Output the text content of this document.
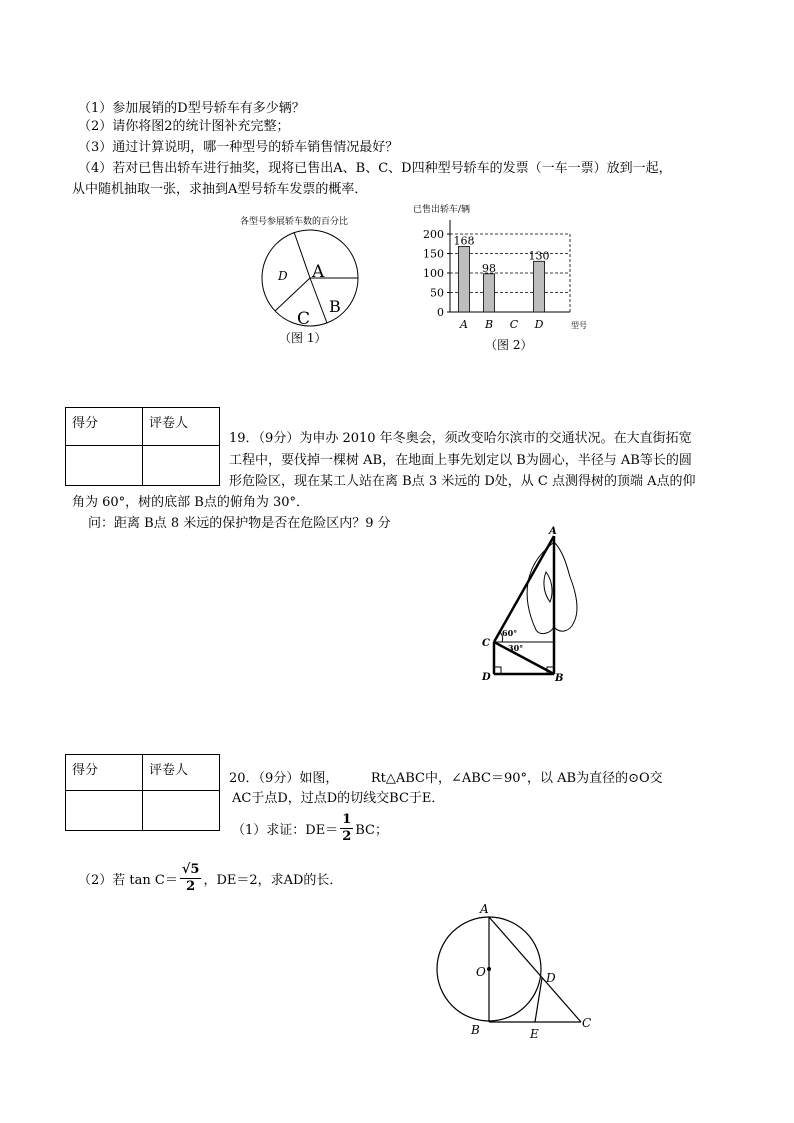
（1）参加展销的D型号轿车有多少辆？
（2）请你将图2的统计图补充完整；
（3）通过计算说明，哪一种型号的轿车销售情况最好？
（4）若对已售出轿车进行抽奖，现将已售出A、B、C、D四种型号轿车的发票（一车一票）放到一起，
从中随机抽取一张，求抽到A型号轿车发票的概率．
各型号参展轿车数的百分比
A
B
C
D
（图 1）
已售出轿车/辆
型号
0
50
100
150
200 168
A
98
B C
130
D
（图 2）
得分	评卷人

19．（9分）为申办 2010 年冬奥会，须改变哈尔滨市的交通状况。在大直街拓宽
工程中，要伐掉一棵树 AB，在地面上事先划定以 B为圆心，半径与 AB等长的圆
形危险区，现在某工人站在离 B点 3 米远的 D处，从 C 点测得树的顶端 A点的仰
角为 60°，树的底部 B点的俯角为 30°．
问：距离 B点 8 米远的保护物是否在危险区内？9 分
A
C
D	B
60°
30°
得分	评卷人

20．（9分）如图，　　　Rt△ABC中，∠ABC＝90°，以 AB为直径的⊙O交
AC于点D，过点D的切线交BC于E．
（1）求证：$DE= \frac{1}{2}$ BC；
（2）若 $\tan C= \frac{√5}{2}$ ，DE＝2，求AD的长．
A
O	D
B	E
C
